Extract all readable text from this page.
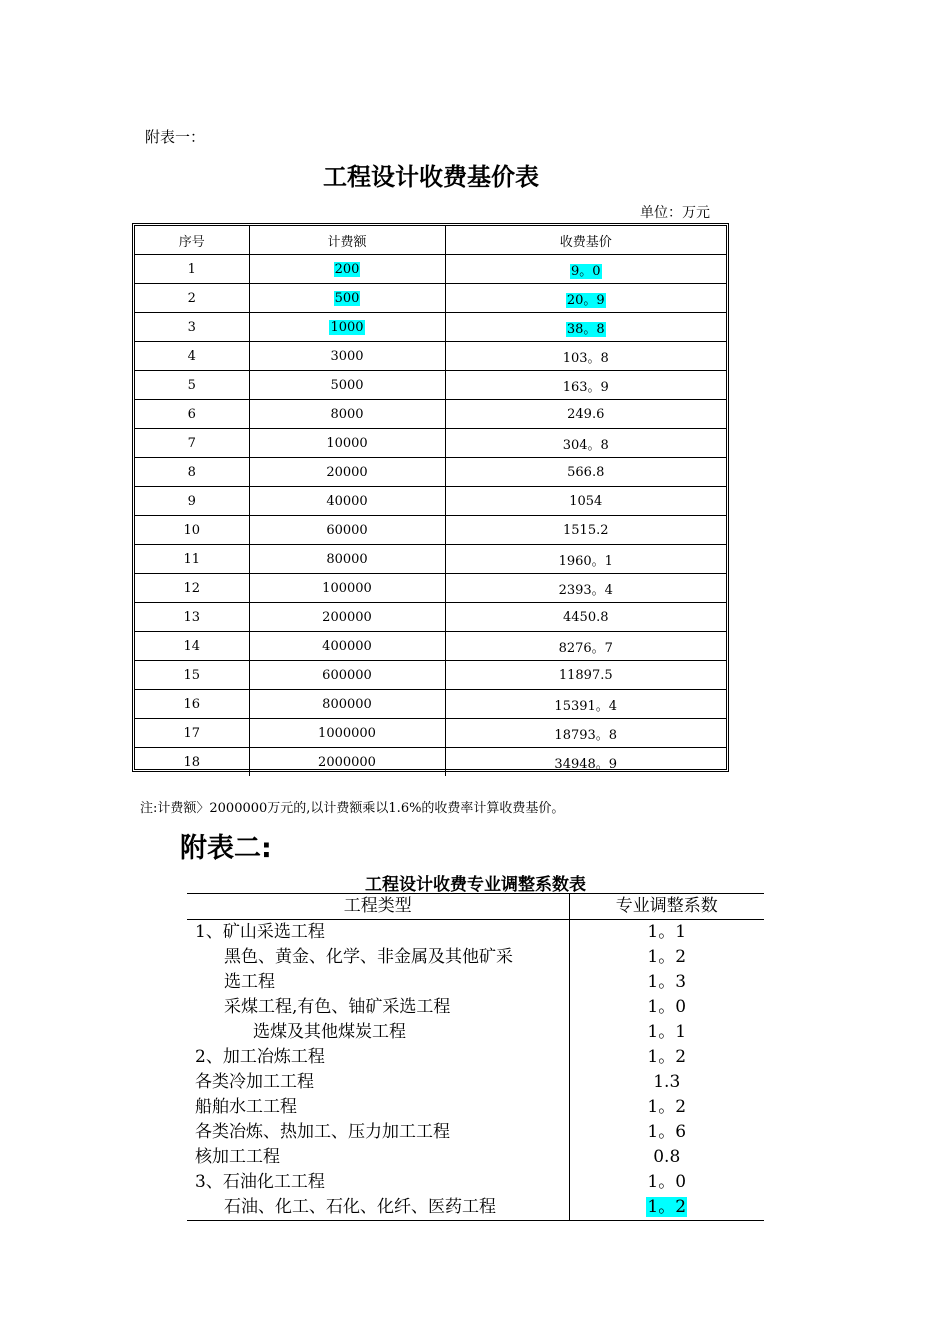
附表一：
工程设计收费基价表
单位：万元
序号	计费额	收费基价
1	200	9。0
2	500	20。9
3	1000	38。8
4	3000	103。8
5	5000	163。9
6	8000	249.6
7	10000	304。8
8	20000	566.8
9	40000	1054
10	60000	1515.2
11	80000	1960。1
12	100000	2393。4
13	200000	4450.8
14	400000	8276。7
15	600000	11897.5
16	800000	15391。4
17	1000000	18793。8
18	2000000	34948。9
注:计费额〉2000000万元的,以计费额乘以1.6%的收费率计算收费基价。
附表二:
工程设计收费专业调整系数表
工程类型	专业调整系数
1、矿山采选工程	1。1
黑色、黄金、化学、非金属及其他矿采	1。2
选工程	1。3
采煤工程,有色、铀矿采选工程	1。0
选煤及其他煤炭工程	1。1
2、加工冶炼工程	1。2
各类冷加工工程	1.3
船舶水工工程	1。2
各类冶炼、热加工、压力加工工程	1。6
核加工工程	0.8
3、石油化工工程	1。0
石油、化工、石化、化纤、医药工程	1。2
